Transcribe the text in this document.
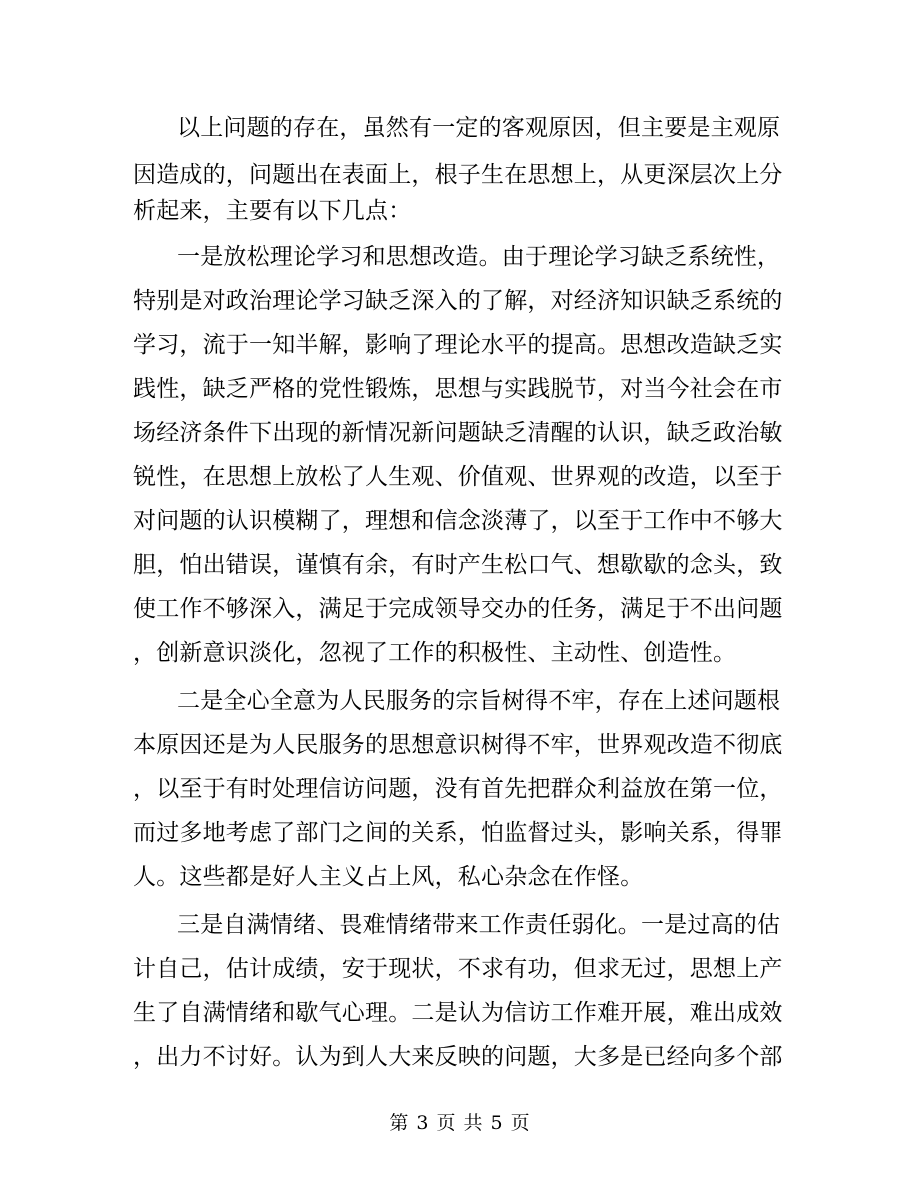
以上问题的存在，虽然有一定的客观原因，但主要是主观原
因造成的，问题出在表面上，根子生在思想上，从更深层次上分
析起来，主要有以下几点：
一是放松理论学习和思想改造。由于理论学习缺乏系统性，
特别是对政治理论学习缺乏深入的了解，对经济知识缺乏系统的
学习，流于一知半解，影响了理论水平的提高。思想改造缺乏实
践性，缺乏严格的党性锻炼，思想与实践脱节，对当今社会在市
场经济条件下出现的新情况新问题缺乏清醒的认识，缺乏政治敏
锐性，在思想上放松了人生观、价值观、世界观的改造，以至于
对问题的认识模糊了，理想和信念淡薄了，以至于工作中不够大
胆，怕出错误，谨慎有余，有时产生松口气、想歇歇的念头，致
使工作不够深入，满足于完成领导交办的任务，满足于不出问题
，创新意识淡化，忽视了工作的积极性、主动性、创造性。
二是全心全意为人民服务的宗旨树得不牢，存在上述问题根
本原因还是为人民服务的思想意识树得不牢，世界观改造不彻底
，以至于有时处理信访问题，没有首先把群众利益放在第一位，
而过多地考虑了部门之间的关系，怕监督过头，影响关系，得罪
人。这些都是好人主义占上风，私心杂念在作怪。
三是自满情绪、畏难情绪带来工作责任弱化。一是过高的估
计自己，估计成绩，安于现状，不求有功，但求无过，思想上产
生了自满情绪和歇气心理。二是认为信访工作难开展，难出成效
，出力不讨好。认为到人大来反映的问题，大多是已经向多个部
第 3 页 共 5 页
